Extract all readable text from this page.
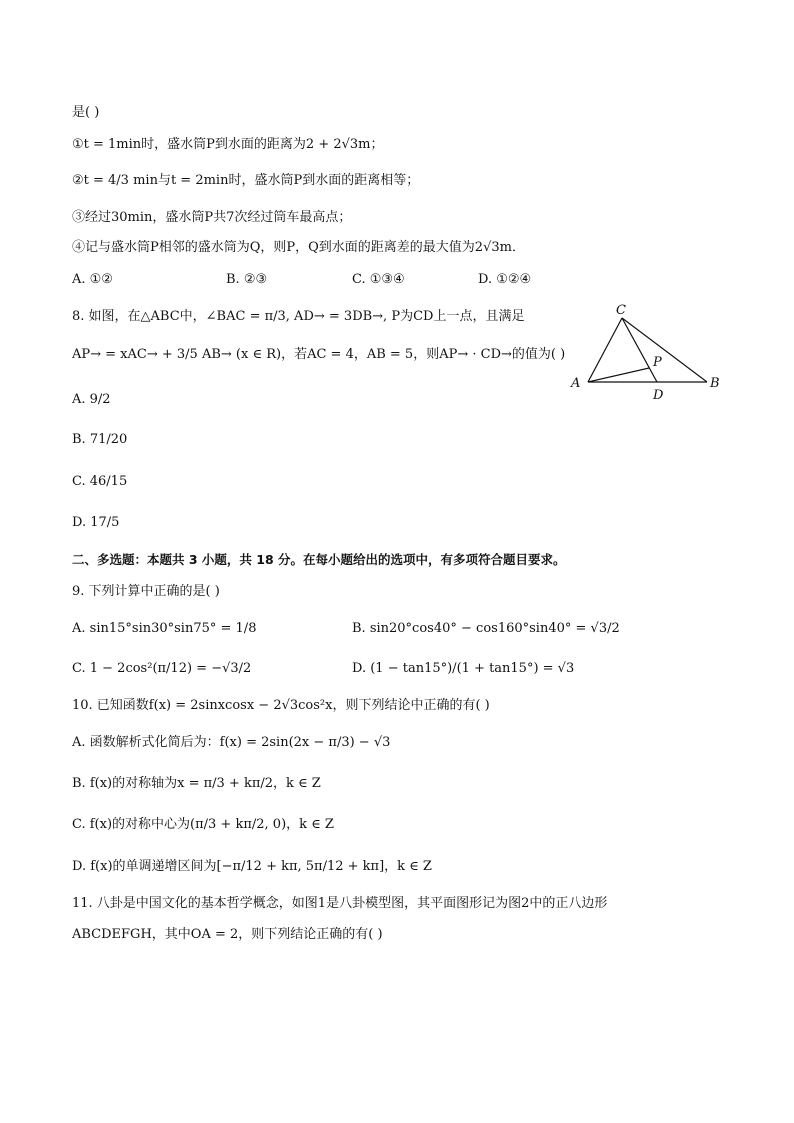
是( )
①t = 1min时，盛水筒P到水面的距离为2 + 2√3m；
②t = 4/3 min与t = 2min时，盛水筒P到水面的距离相等；
③经过30min，盛水筒P共7次经过筒车最高点；
④记与盛水筒P相邻的盛水筒为Q，则P，Q到水面的距离差的最大值为2√3m．
A. ①②	B. ②③	C. ①③④	D. ①②④
8. 如图，在△ABC中，∠BAC = π/3, AD→ = 3DB→, P为CD上一点，且满足
AP→ = xAC→ + 3/5 AB→ (x ∈ R)，若AC = 4，AB = 5，则AP→ · CD→的值为( )
A. 9/2
B. 71/20
C. 46/15
D. 17/5
A	B
C
D
P
二、多选题：本题共 3 小题，共 18 分。在每小题给出的选项中，有多项符合题目要求。
9. 下列计算中正确的是( )
A. sin15°sin30°sin75° = 1/8	B. sin20°cos40° − cos160°sin40° = √3/2
C. 1 − 2cos²(π/12) = −√3/2	D. (1 − tan15°)/(1 + tan15°) = √3
10. 已知函数f(x) = 2sinxcosx − 2√3cos²x，则下列结论中正确的有( )
A. 函数解析式化简后为：f(x) = 2sin(2x − π/3) − √3
B. f(x)的对称轴为x = π/3 + kπ/2，k ∈ Z
C. f(x)的对称中心为(π/3 + kπ/2, 0)，k ∈ Z
D. f(x)的单调递增区间为[−π/12 + kπ, 5π/12 + kπ]，k ∈ Z
11. 八卦是中国文化的基本哲学概念，如图1是八卦模型图，其平面图形记为图2中的正八边形
ABCDEFGH，其中OA = 2，则下列结论正确的有( )
